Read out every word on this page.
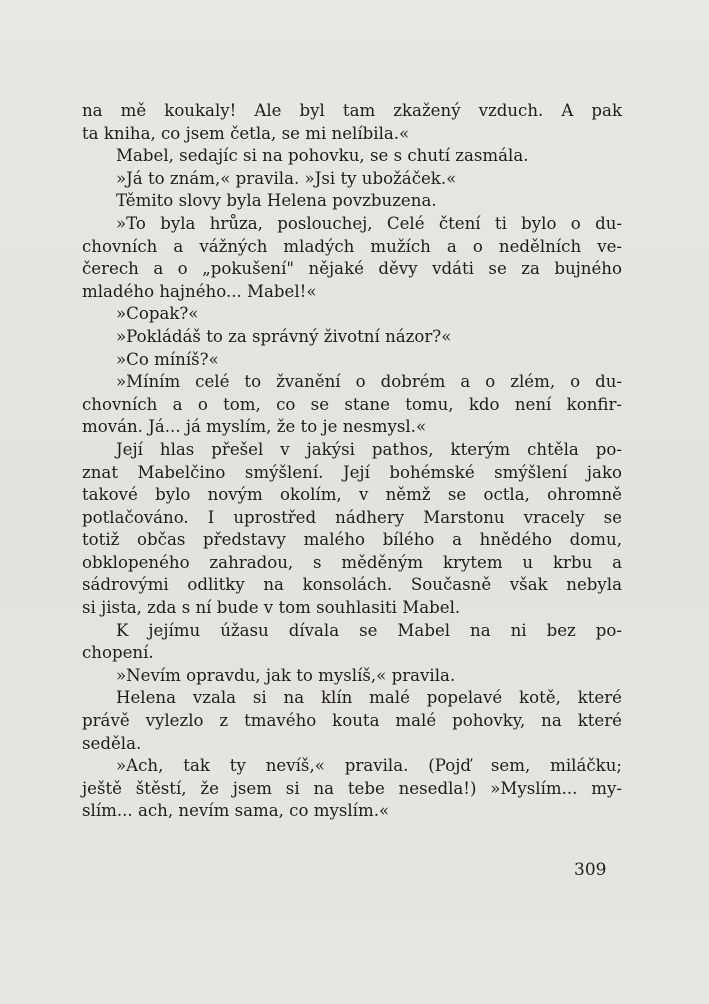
na mě koukaly! Ale byl tam zkažený vzduch. A pak
ta kniha, co jsem četla, se mi nelíbila.«
Mabel, sedajíc si na pohovku, se s chutí zasmála.
»Já to znám,« pravila. »Jsi ty ubožáček.«
Těmito slovy byla Helena povzbuzena.
»To byla hrůza, poslouchej, Celé čtení ti bylo o du-
chovních a vážných mladých mužích a o nedělních ve-
čerech a o „pokušení" nějaké děvy vdáti se za bujného
mladého hajného... Mabel!«
»Copak?«
»Pokládáš to za správný životní názor?«
»Co míníš?«
»Míním celé to žvanění o dobrém a o zlém, o du-
chovních a o tom, co se stane tomu, kdo není konfir-
mován. Já... já myslím, že to je nesmysl.«
Její hlas přešel v jakýsi pathos, kterým chtěla po-
znat Mabelčino smýšlení. Její bohémské smýšlení jako
takové bylo novým okolím, v němž se octla, ohromně
potlačováno. I uprostřed nádhery Marstonu vracely se
totiž občas představy malého bílého a hnědého domu,
obklopeného zahradou, s měděným krytem u krbu a
sádrovými odlitky na konsolách. Současně však nebyla
si jista, zda s ní bude v tom souhlasiti Mabel.
K jejímu úžasu dívala se Mabel na ni bez po-
chopení.
»Nevím opravdu, jak to myslíš,« pravila.
Helena vzala si na klín malé popelavé kotě, které
právě vylezlo z tmavého kouta malé pohovky, na které
seděla.
»Ach, tak ty nevíš,« pravila. (Pojď sem, miláčku;
ještě štěstí, že jsem si na tebe nesedla!) »Myslím... my-
slím... ach, nevím sama, co myslím.«
309
